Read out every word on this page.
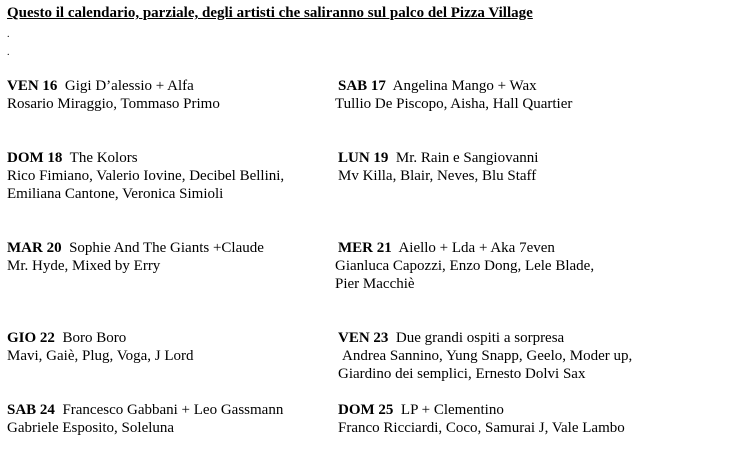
Questo il calendario, parziale, degli artisti che saliranno sul palco del Pizza Village
.
.
VEN 16 Gigi D’alessio + Alfa
Rosario Miraggio, Tommaso Primo
SAB 17 Angelina Mango + Wax
Tullio De Piscopo, Aisha, Hall Quartier
DOM 18 The Kolors
Rico Fimiano, Valerio Iovine, Decibel Bellini,
Emiliana Cantone, Veronica Simioli
LUN 19 Mr. Rain e Sangiovanni
Mv Killa, Blair, Neves, Blu Staff
MAR 20 Sophie And The Giants +Claude
Mr. Hyde, Mixed by Erry
MER 21 Aiello + Lda + Aka 7even
Gianluca Capozzi, Enzo Dong, Lele Blade,
Pier Macchiè
GIO 22 Boro Boro
Mavi, Gaiè, Plug, Voga, J Lord
VEN 23 Due grandi ospiti a sorpresa
Andrea Sannino, Yung Snapp, Geelo, Moder up,
Giardino dei semplici, Ernesto Dolvi Sax
SAB 24 Francesco Gabbani + Leo Gassmann
Gabriele Esposito, Soleluna
DOM 25 LP + Clementino
Franco Ricciardi, Coco, Samurai J, Vale Lambo
